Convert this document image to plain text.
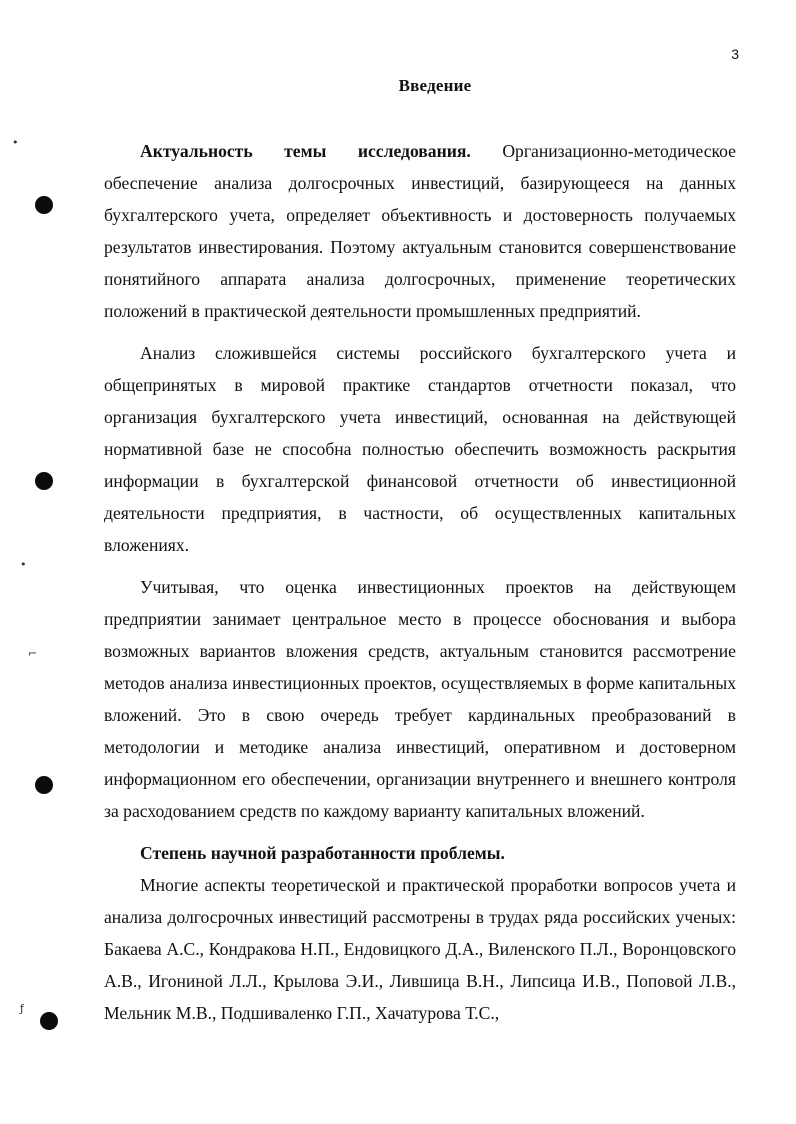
3
Введение
•
•
⌐
ƒ

Актуальность темы исследования. Организационно-методическое обеспечение анализа долгосрочных инвестиций, базирующееся на данных бухгалтерского учета, определяет объективность и достоверность получаемых результатов инвестирования. Поэтому актуальным становится совершенствование понятийного аппарата анализа долгосрочных, применение теоретических положений в практической деятельности промышленных предприятий.

Анализ сложившейся системы российского бухгалтерского учета и общепринятых в мировой практике стандартов отчетности показал, что организация бухгалтерского учета инвестиций, основанная на действующей нормативной базе не способна полностью обеспечить возможность раскрытия информации в бухгалтерской финансовой отчетности об инвестиционной деятельности предприятия, в частности, об осуществленных капитальных вложениях.

Учитывая, что оценка инвестиционных проектов на действующем предприятии занимает центральное место в процессе обоснования и выбора возможных вариантов вложения средств, актуальным становится рассмотрение методов анализа инвестиционных проектов, осуществляемых в форме капитальных вложений. Это в свою очередь требует кардинальных преобразований в методологии и методике анализа инвестиций, оперативном и достоверном информационном его обеспечении, организации внутреннего и внешнего контроля за расходованием средств по каждому варианту капитальных вложений.

Степень научной разработанности проблемы.

Многие аспекты теоретической и практической проработки вопросов учета и анализа долгосрочных инвестиций рассмотрены в трудах ряда российских ученых: Бакаева А.С., Кондракова Н.П., Ендовицкого Д.А., Виленского П.Л., Воронцовского А.В., Игониной Л.Л., Крылова Э.И., Лившица В.Н., Липсица И.В., Поповой Л.В., Мельник М.В., Подшиваленко Г.П., Хачатурова Т.С.,
